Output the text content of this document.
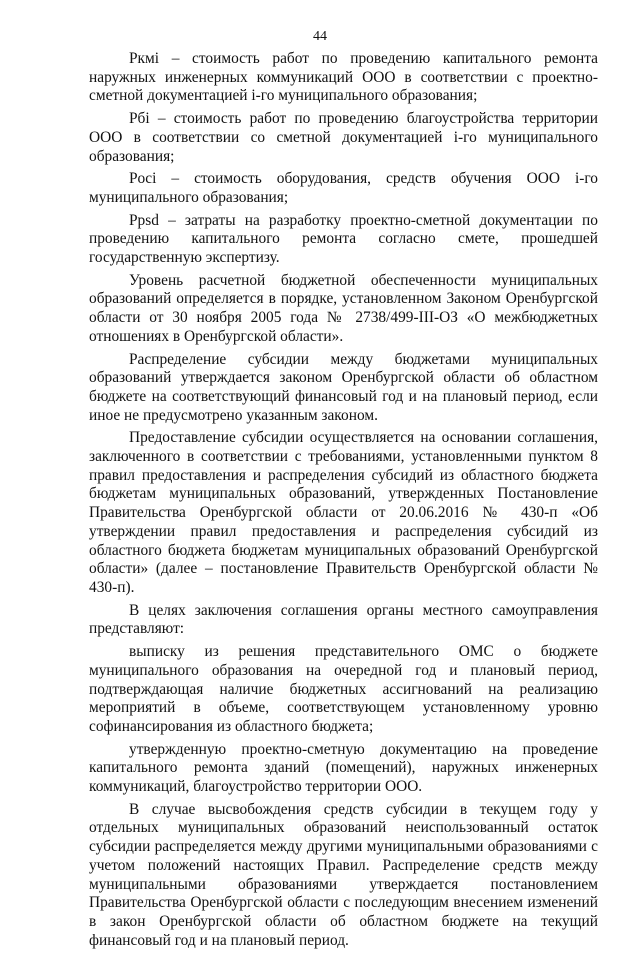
44

Pкмi – стоимость работ по проведению капитального ремонта наружных инженерных коммуникаций ООО в соответствии с проектно-сметной документацией i-го муниципального образования;

Pбi – стоимость работ по проведению благоустройства территории ООО в соответствии со сметной документацией i-го муниципального образования;

Pоci – стоимость оборудования, средств обучения ООО i-го муниципального образования;

Ppsd – затраты на разработку проектно-сметной документации по проведению капитального ремонта согласно смете, прошедшей государственную экспертизу.

Уровень расчетной бюджетной обеспеченности муниципальных образований определяется в порядке, установленном Законом Оренбургской области от 30 ноября 2005 года № 2738/499-III-ОЗ «О межбюджетных отношениях в Оренбургской области».

Распределение субсидии между бюджетами муниципальных образований утверждается законом Оренбургской области об областном бюджете на соответствующий финансовый год и на плановый период, если иное не предусмотрено указанным законом.

Предоставление субсидии осуществляется на основании соглашения, заключенного в соответствии с требованиями, установленными пунктом 8 правил предоставления и распределения субсидий из областного бюджета бюджетам муниципальных образований, утвержденных Постановление Правительства Оренбургской области от 20.06.2016 № 430-п «Об утверждении правил предоставления и распределения субсидий из областного бюджета бюджетам муниципальных образований Оренбургской области» (далее – постановление Правительств Оренбургской области № 430-п).

В целях заключения соглашения органы местного самоуправления представляют:

выписку из решения представительного ОМС о бюджете муниципального образования на очередной год и плановый период, подтверждающая наличие бюджетных ассигнований на реализацию мероприятий в объеме, соответствующем установленному уровню софинансирования из областного бюджета;

утвержденную проектно-сметную документацию на проведение капитального ремонта зданий (помещений), наружных инженерных коммуникаций, благоустройство территории ООО.

В случае высвобождения средств субсидии в текущем году у отдельных муниципальных образований неиспользованный остаток субсидии распределяется между другими муниципальными образованиями с учетом положений настоящих Правил. Распределение средств между муниципальными образованиями утверждается постановлением Правительства Оренбургской области с последующим внесением изменений в закон Оренбургской области об областном бюджете на текущий финансовый год и на плановый период.
